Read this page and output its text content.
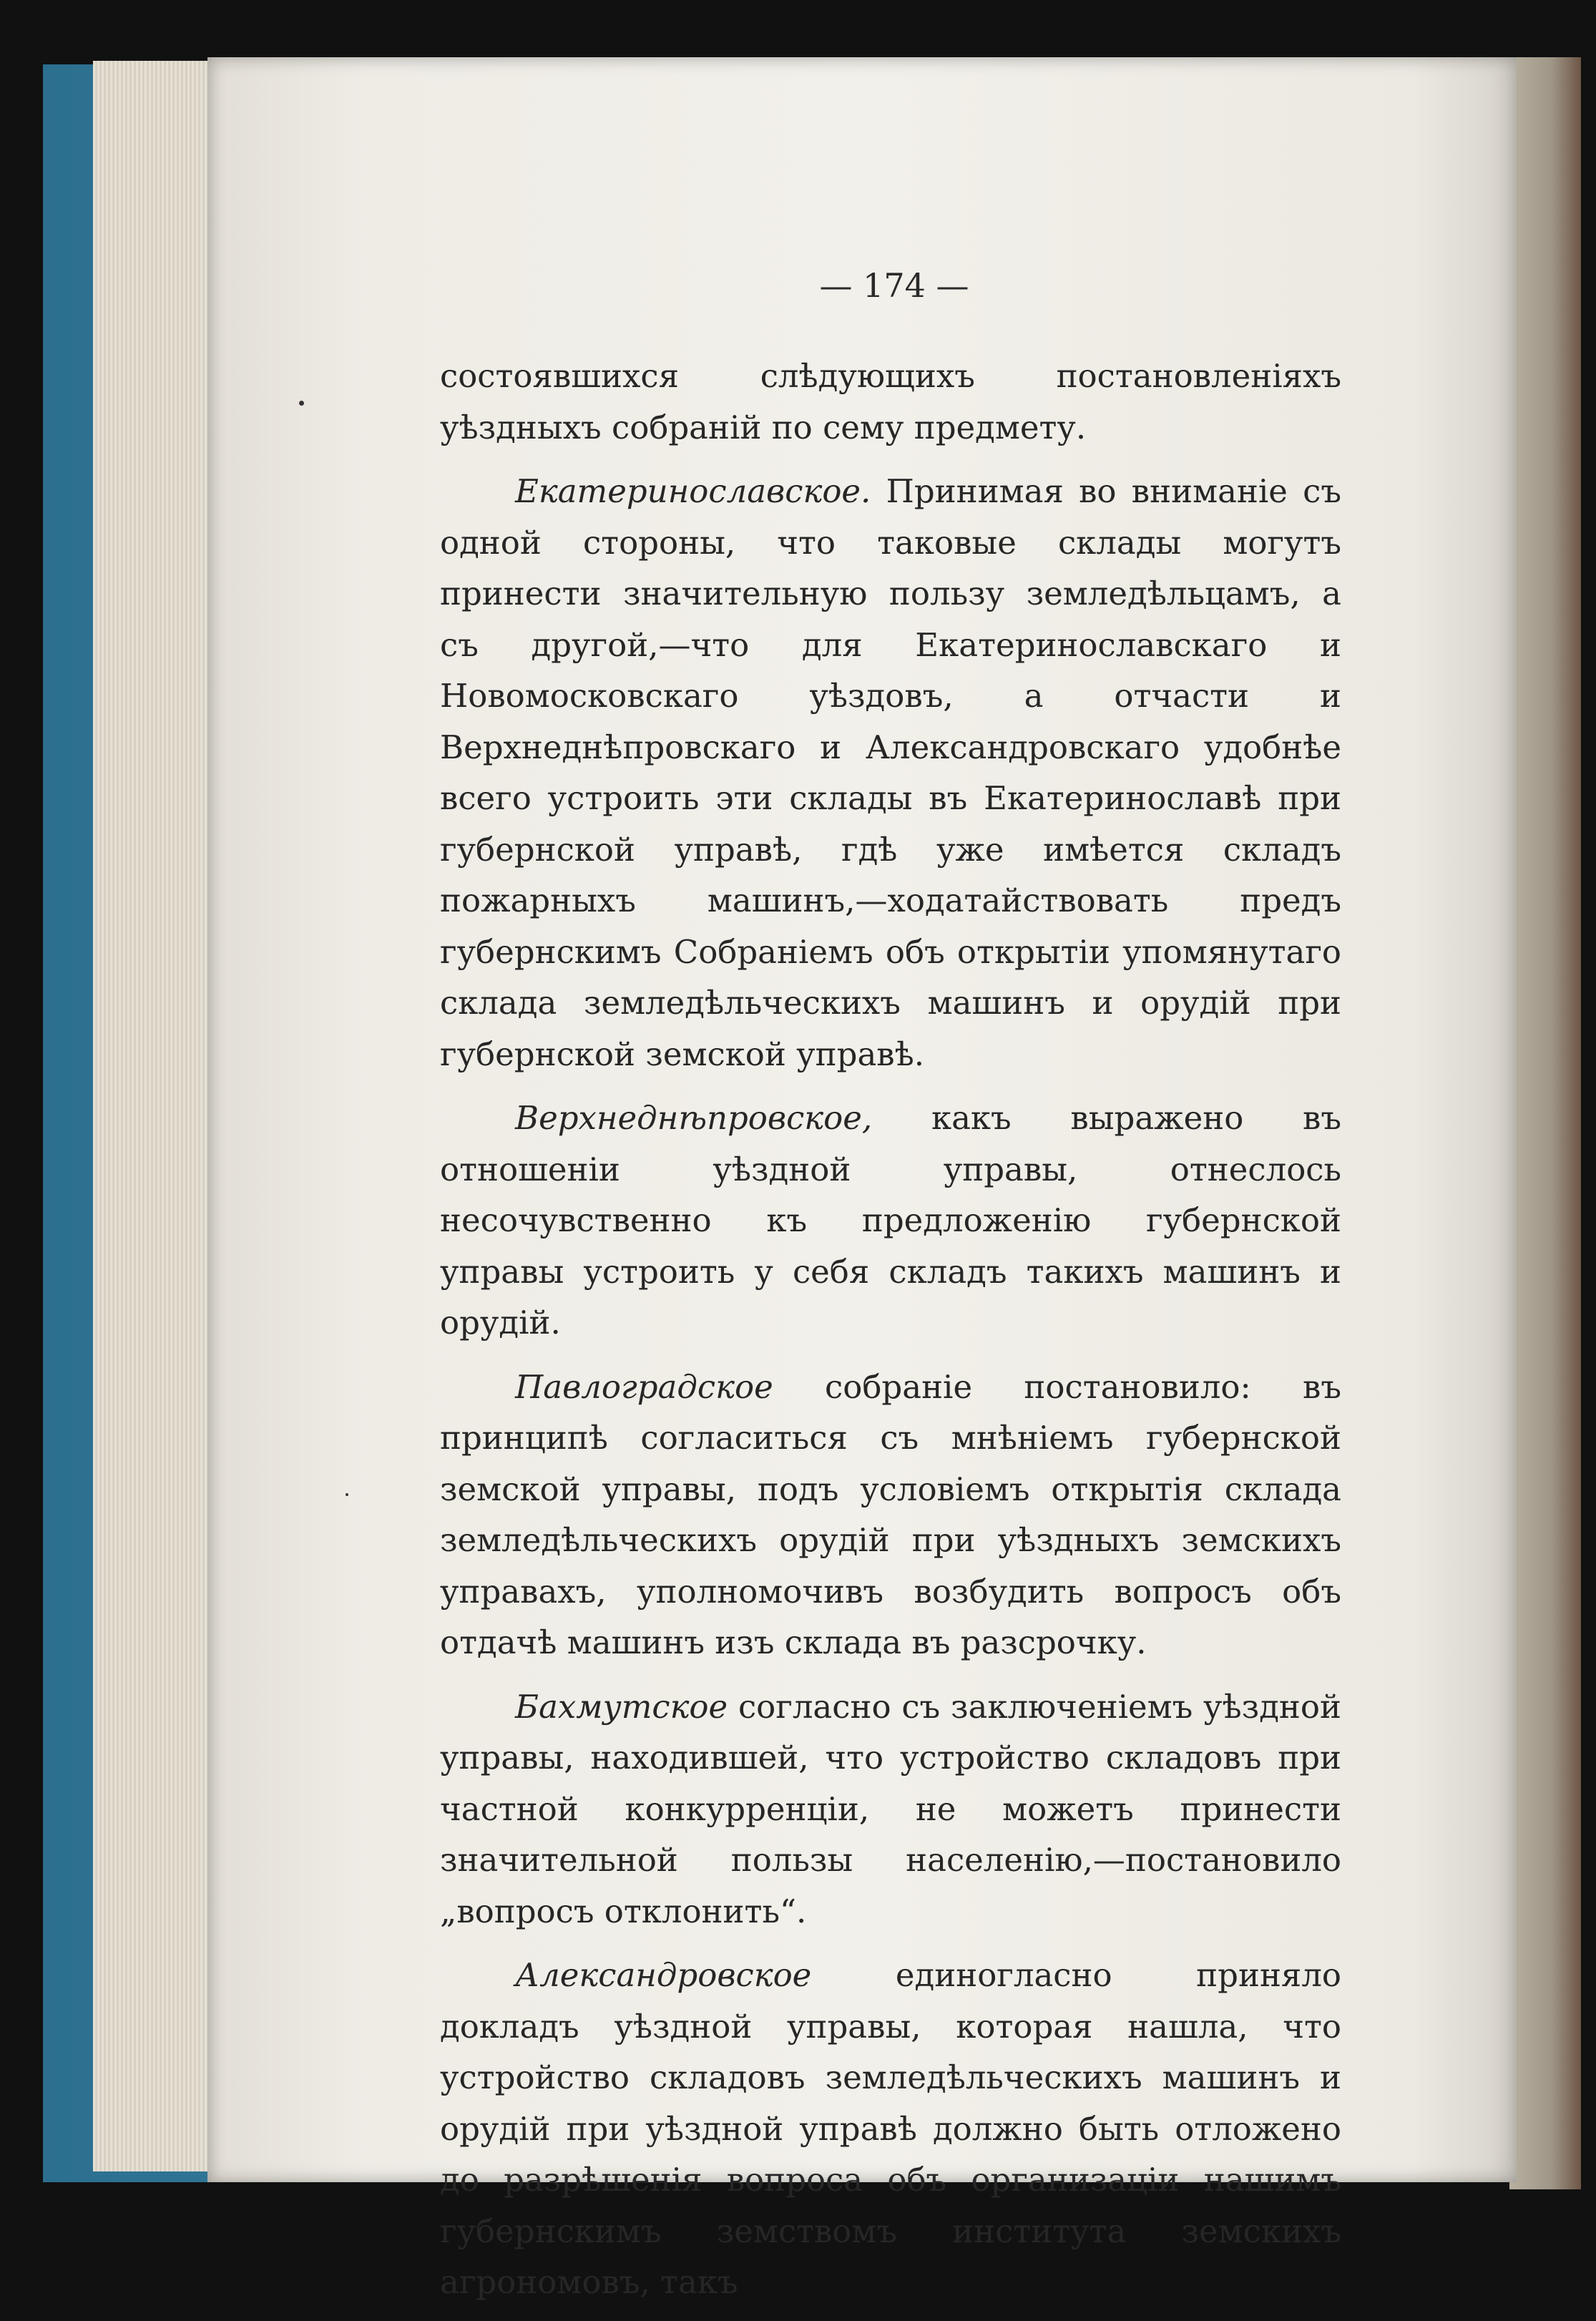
— 174 —

состоявшихся слѣдующихъ постановленіяхъ уѣздныхъ собраній по сему предмету.

Екатеринославское. Принимая во вниманіе съ одной стороны, что таковые склады могутъ принести значительную пользу земледѣльцамъ, а съ другой,—что для Екатеринославскаго и Новомосковскаго уѣздовъ, а отчасти и Верхнеднѣпровскаго и Александровскаго удобнѣе всего устроить эти склады въ Екатеринославѣ при губернской управѣ, гдѣ уже имѣется складъ пожарныхъ машинъ,—ходатайствовать предъ губернскимъ Собраніемъ объ открытіи упомянутаго склада земледѣльческихъ машинъ и орудій при губернской земской управѣ.

Верхнеднѣпровское, какъ выражено въ отношеніи уѣздной управы, отнеслось несочувственно къ предложенію губернской управы устроить у себя складъ такихъ машинъ и орудій.

Павлоградское собраніе постановило: въ принципѣ согласиться съ мнѣніемъ губернской земской управы, подъ условіемъ открытія склада земледѣльческихъ орудій при уѣздныхъ земскихъ управахъ, уполномочивъ возбудить вопросъ объ отдачѣ машинъ изъ склада въ разсрочку.

Бахмутское согласно съ заключеніемъ уѣздной управы, находившей, что устройство складовъ при частной конкурренціи, не можетъ принести значительной пользы населенію,—постановило „вопросъ отклонить“.

Александровское единогласно приняло докладъ уѣздной управы, которая нашла, что устройство складовъ земледѣльческихъ машинъ и орудій при уѣздной управѣ должно быть отложено до разрѣшенія вопроса объ организаціи нашимъ губернскимъ земствомъ института земскихъ агрономовъ, такъ
